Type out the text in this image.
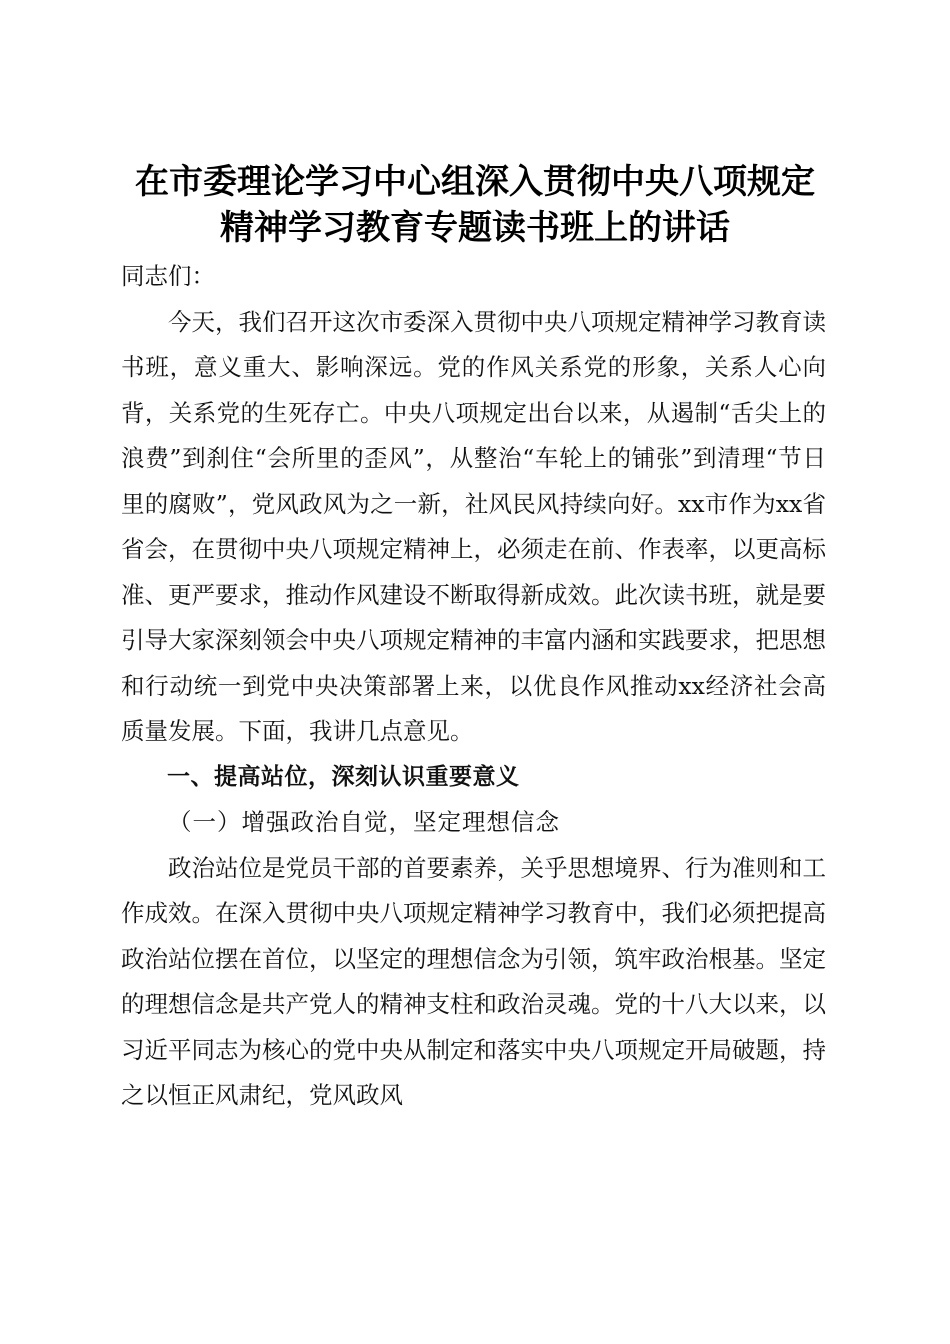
在市委理论学习中心组深入贯彻中央八项规定
精神学习教育专题读书班上的讲话

同志们：

今天，我们召开这次市委深入贯彻中央八项规定精神学习教育读书班，意义重大、影响深远。党的作风关系党的形象，关系人心向背，关系党的生死存亡。中央八项规定出台以来，从遏制“舌尖上的浪费”到刹住“会所里的歪风”，从整治“车轮上的铺张”到清理“节日里的腐败”，党风政风为之一新，社风民风持续向好。xx市作为xx省省会，在贯彻中央八项规定精神上，必须走在前、作表率，以更高标准、更严要求，推动作风建设不断取得新成效。此次读书班，就是要引导大家深刻领会中央八项规定精神的丰富内涵和实践要求，把思想和行动统一到党中央决策部署上来，以优良作风推动xx经济社会高质量发展。下面，我讲几点意见。

一、提高站位，深刻认识重要意义

（一）增强政治自觉，坚定理想信念

政治站位是党员干部的首要素养，关乎思想境界、行为准则和工作成效。在深入贯彻中央八项规定精神学习教育中，我们必须把提高政治站位摆在首位，以坚定的理想信念为引领，筑牢政治根基。坚定的理想信念是共产党人的精神支柱和政治灵魂。党的十八大以来，以习近平同志为核心的党中央从制定和落实中央八项规定开局破题，持之以恒正风肃纪，党风政风
